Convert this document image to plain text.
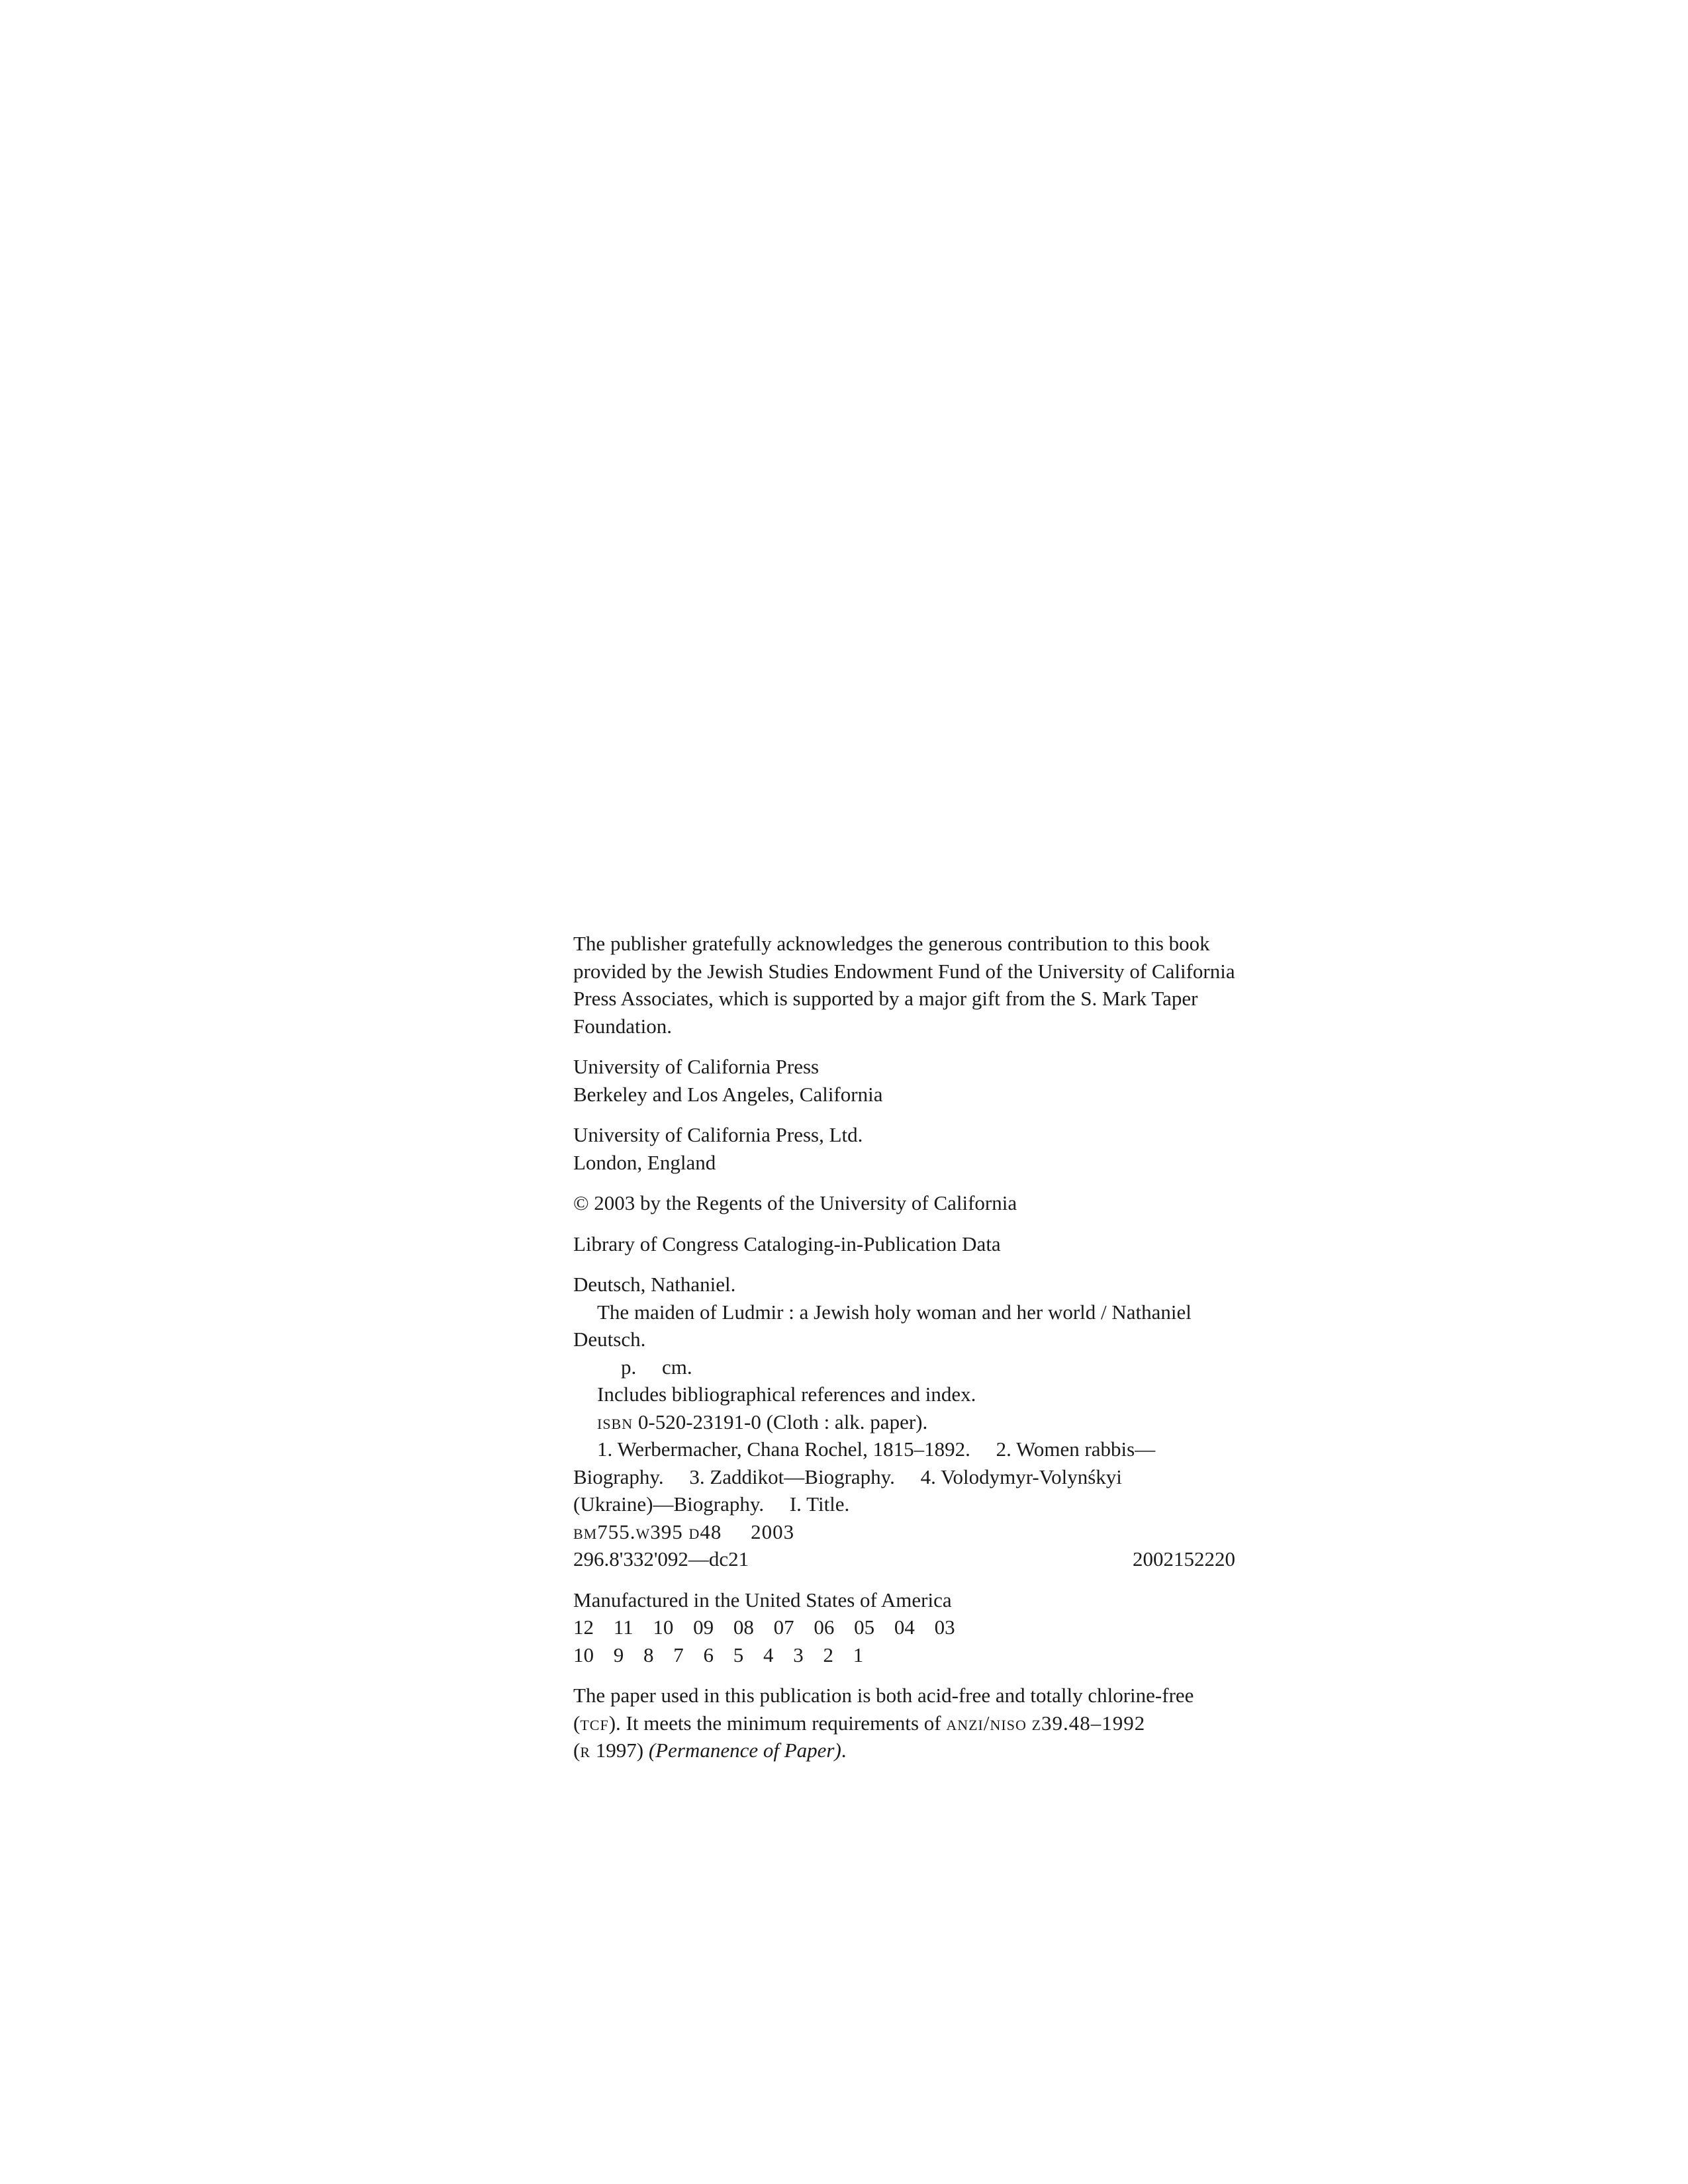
The publisher gratefully acknowledges the generous contribution to this book provided by the Jewish Studies Endowment Fund of the University of California Press Associates, which is supported by a major gift from the S. Mark Taper Foundation.

University of California Press
Berkeley and Los Angeles, California
University of California Press, Ltd.
London, England
© 2003 by the Regents of the University of California
Library of Congress Cataloging-in-Publication Data
Deutsch, Nathaniel.
The maiden of Ludmir : a Jewish holy woman and her world / Nathaniel
Deutsch.
p.     cm.
Includes bibliographical references and index.
isbn 0-520-23191-0 (Cloth : alk. paper).
1. Werbermacher, Chana Rochel, 1815–1892.     2. Women rabbis—
Biography.     3. Zaddikot—Biography.     4. Volodymyr-Volynśkyi
(Ukraine)—Biography.     I. Title.
bm755.w395 d48     2003
296.8'332'092—dc21	2002152220
Manufactured in the United States of America
12 11 10 09 08 07 06 05 04 03
10 9 8 7 6 5 4 3 2 1
The paper used in this publication is both acid-free and totally chlorine-free
(tcf). It meets the minimum requirements of anzi/niso z39.48–1992
(r 1997) (Permanence of Paper).
